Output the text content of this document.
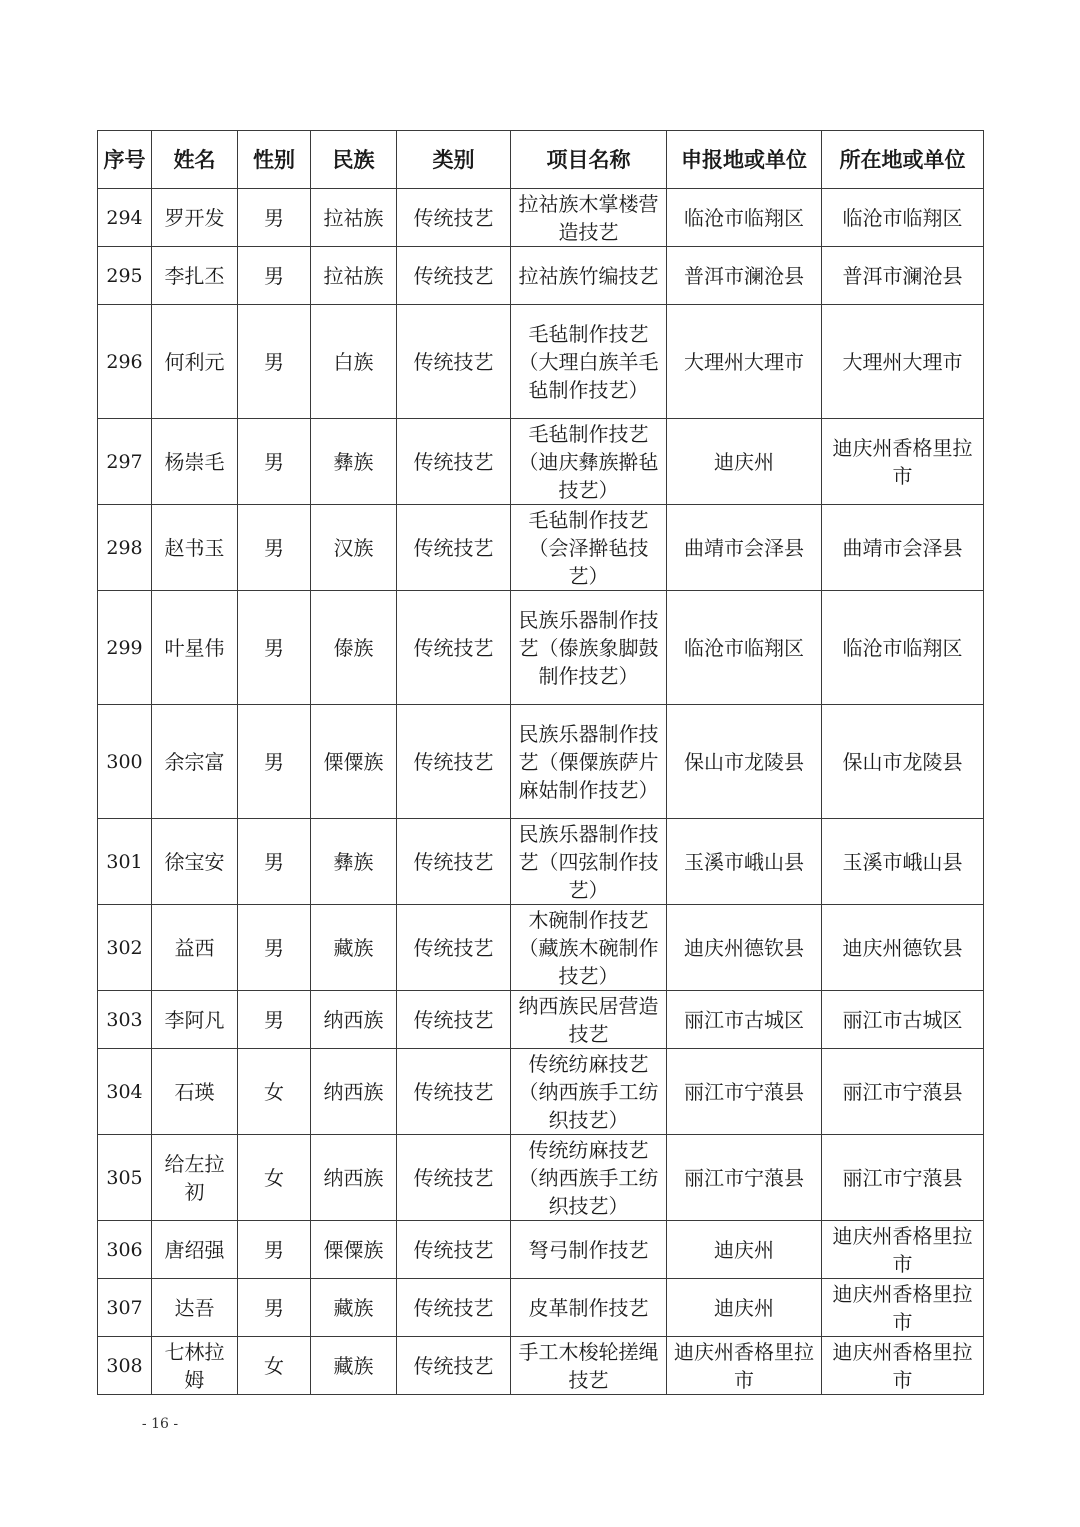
序号	姓名	性别	民族	类别	项目名称	申报地或单位	所在地或单位
294	罗开发	男	拉祜族	传统技艺	拉祜族木掌楼营造技艺	临沧市临翔区	临沧市临翔区
295	李扎丕	男	拉祜族	传统技艺	拉祜族竹编技艺	普洱市澜沧县	普洱市澜沧县
296	何利元	男	白族	传统技艺	毛毡制作技艺（大理白族羊毛毡制作技艺）	大理州大理市	大理州大理市
297	杨崇毛	男	彝族	传统技艺	毛毡制作技艺（迪庆彝族擀毡技艺）	迪庆州	迪庆州香格里拉市
298	赵书玉	男	汉族	传统技艺	毛毡制作技艺（会泽擀毡技艺）	曲靖市会泽县	曲靖市会泽县
299	叶星伟	男	傣族	传统技艺	民族乐器制作技艺（傣族象脚鼓制作技艺）	临沧市临翔区	临沧市临翔区
300	余宗富	男	傈僳族	传统技艺	民族乐器制作技艺（傈僳族萨片麻姑制作技艺）	保山市龙陵县	保山市龙陵县
301	徐宝安	男	彝族	传统技艺	民族乐器制作技艺（四弦制作技艺）	玉溪市峨山县	玉溪市峨山县
302	益西	男	藏族	传统技艺	木碗制作技艺（藏族木碗制作技艺）	迪庆州德钦县	迪庆州德钦县
303	李阿凡	男	纳西族	传统技艺	纳西族民居营造技艺	丽江市古城区	丽江市古城区
304	石瑛	女	纳西族	传统技艺	传统纺麻技艺（纳西族手工纺织技艺）	丽江市宁蒗县	丽江市宁蒗县
305	给左拉初	女	纳西族	传统技艺	传统纺麻技艺（纳西族手工纺织技艺）	丽江市宁蒗县	丽江市宁蒗县
306	唐绍强	男	傈僳族	传统技艺	弩弓制作技艺	迪庆州	迪庆州香格里拉市
307	达吾	男	藏族	传统技艺	皮革制作技艺	迪庆州	迪庆州香格里拉市
308	七林拉姆	女	藏族	传统技艺	手工木梭轮搓绳技艺	迪庆州香格里拉市	迪庆州香格里拉市
- 16 -
